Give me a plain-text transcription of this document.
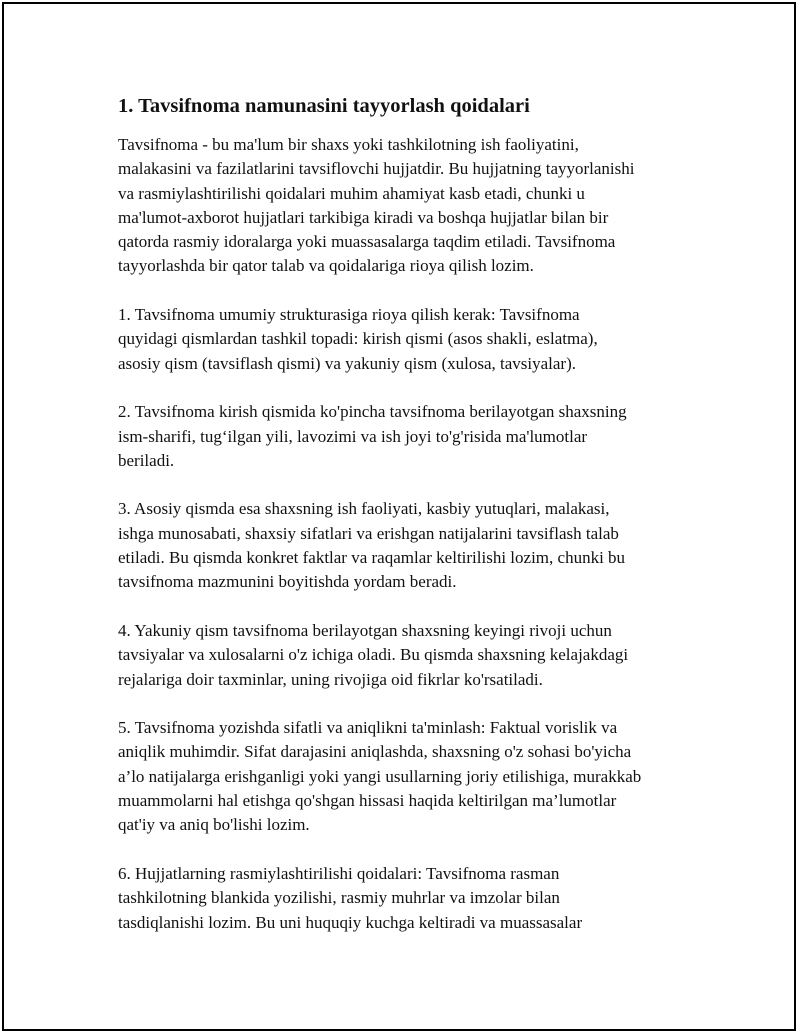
1. Tavsifnoma namunasini tayyorlash qoidalari

Tavsifnoma - bu ma'lum bir shaxs yoki tashkilotning ish faoliyatini,
malakasini va fazilatlarini tavsiflovchi hujjatdir. Bu hujjatning tayyorlanishi
va rasmiylashtirilishi qoidalari muhim ahamiyat kasb etadi, chunki u
ma'lumot-axborot hujjatlari tarkibiga kiradi va boshqa hujjatlar bilan bir
qatorda rasmiy idoralarga yoki muassasalarga taqdim etiladi. Tavsifnoma
tayyorlashda bir qator talab va qoidalariga rioya qilish lozim.

1. Tavsifnoma umumiy strukturasiga rioya qilish kerak: Tavsifnoma
quyidagi qismlardan tashkil topadi: kirish qismi (asos shakli, eslatma),
asosiy qism (tavsiflash qismi) va yakuniy qism (xulosa, tavsiyalar).

2. Tavsifnoma kirish qismida ko'pincha tavsifnoma berilayotgan shaxsning
ism-sharifi, tug‘ilgan yili, lavozimi va ish joyi to'g'risida ma'lumotlar
beriladi.

3. Asosiy qismda esa shaxsning ish faoliyati, kasbiy yutuqlari, malakasi,
ishga munosabati, shaxsiy sifatlari va erishgan natijalarini tavsiflash talab
etiladi. Bu qismda konkret faktlar va raqamlar keltirilishi lozim, chunki bu
tavsifnoma mazmunini boyitishda yordam beradi.

4. Yakuniy qism tavsifnoma berilayotgan shaxsning keyingi rivoji uchun
tavsiyalar va xulosalarni o'z ichiga oladi. Bu qismda shaxsning kelajakdagi
rejalariga doir taxminlar, uning rivojiga oid fikrlar ko'rsatiladi.

5. Tavsifnoma yozishda sifatli va aniqlikni ta'minlash: Faktual vorislik va
aniqlik muhimdir. Sifat darajasini aniqlashda, shaxsning o'z sohasi bo'yicha
a’lo natijalarga erishganligi yoki yangi usullarning joriy etilishiga, murakkab
muammolarni hal etishga qo'shgan hissasi haqida keltirilgan ma’lumotlar
qat'iy va aniq bo'lishi lozim.

6. Hujjatlarning rasmiylashtirilishi qoidalari: Tavsifnoma rasman
tashkilotning blankida yozilishi, rasmiy muhrlar va imzolar bilan
tasdiqlanishi lozim. Bu uni huquqiy kuchga keltiradi va muassasalar
